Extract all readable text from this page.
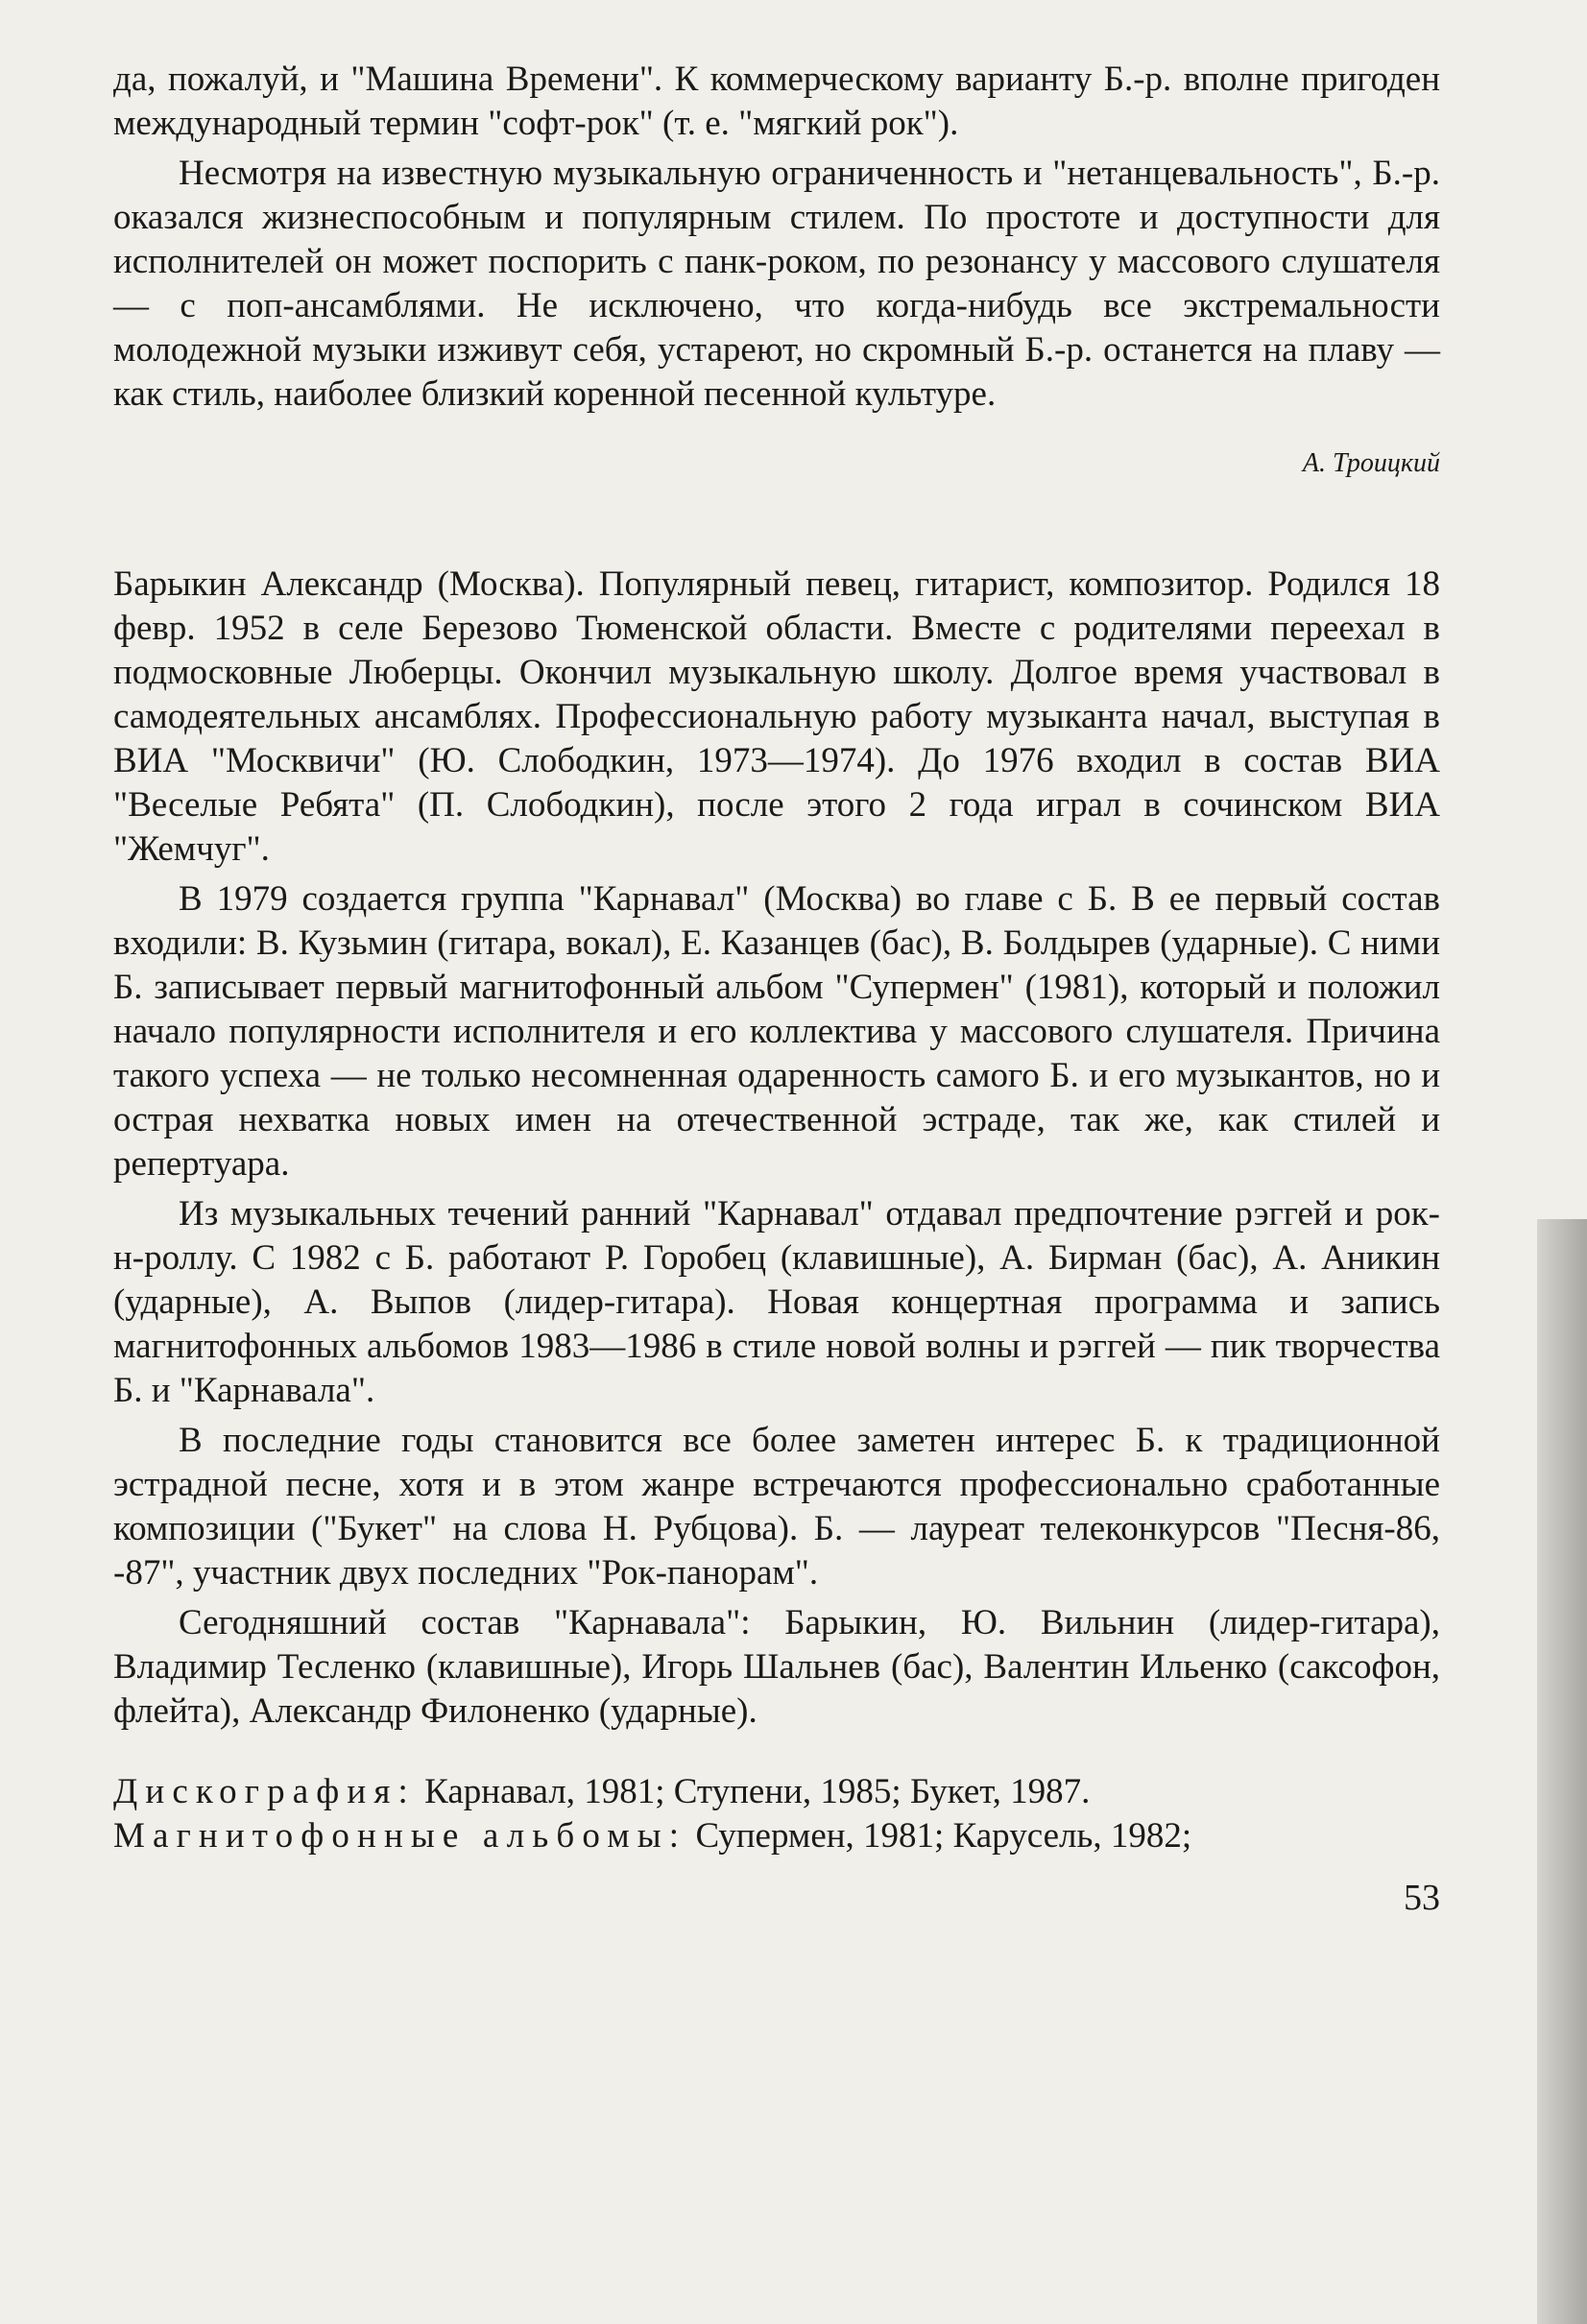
да, пожалуй, и "Машина Времени". К коммерческому варианту Б.-р. вполне пригоден международный термин "софт-рок" (т. е. "мягкий рок").

Несмотря на известную музыкальную ограниченность и "нетанцевальность", Б.-р. оказался жизнеспособным и популярным стилем. По простоте и доступности для исполнителей он может поспорить с панк-роком, по резонансу у массового слушателя — с поп-ансамблями. Не исключено, что когда-нибудь все экстремальности молодежной музыки изживут себя, устареют, но скромный Б.-р. останется на плаву — как стиль, наиболее близкий коренной песенной культуре.

А. Троицкий

Барыкин Александр (Москва). Популярный певец, гитарист, композитор. Родился 18 февр. 1952 в селе Березово Тюменской области. Вместе с родителями переехал в подмосковные Люберцы. Окончил музыкальную школу. Долгое время участвовал в самодеятельных ансамблях. Профессиональную работу музыканта начал, выступая в ВИА "Москвичи" (Ю. Слободкин, 1973—1974). До 1976 входил в состав ВИА "Веселые Ребята" (П. Слободкин), после этого 2 года играл в сочинском ВИА "Жемчуг".

В 1979 создается группа "Карнавал" (Москва) во главе с Б. В ее первый состав входили: В. Кузьмин (гитара, вокал), Е. Казанцев (бас), В. Болдырев (ударные). С ними Б. записывает первый магнитофонный альбом "Супермен" (1981), который и положил начало популярности исполнителя и его коллектива у массового слушателя. Причина такого успеха — не только несомненная одаренность самого Б. и его музыкантов, но и острая нехватка новых имен на отечественной эстраде, так же, как стилей и репертуара.

Из музыкальных течений ранний "Карнавал" отдавал предпочтение рэггей и рок-н-роллу. С 1982 с Б. работают Р. Горобец (клавишные), А. Бирман (бас), А. Аникин (ударные), А. Выпов (лидер-гитара). Новая концертная программа и запись магнитофонных альбомов 1983—1986 в стиле новой волны и рэггей — пик творчества Б. и "Карнавала".

В последние годы становится все более заметен интерес Б. к традиционной эстрадной песне, хотя и в этом жанре встречаются профессионально сработанные композиции ("Букет" на слова Н. Рубцова). Б. — лауреат телеконкурсов "Песня-86, -87", участник двух последних "Рок-панорам".

Сегодняшний состав "Карнавала": Барыкин, Ю. Вильнин (лидер-гитара), Владимир Тесленко (клавишные), Игорь Шальнев (бас), Валентин Ильенко (саксофон, флейта), Александр Филоненко (ударные).

Дискография: Карнавал, 1981; Ступени, 1985; Букет, 1987.
Магнитофонные альбомы: Супермен, 1981; Карусель, 1982;
53
